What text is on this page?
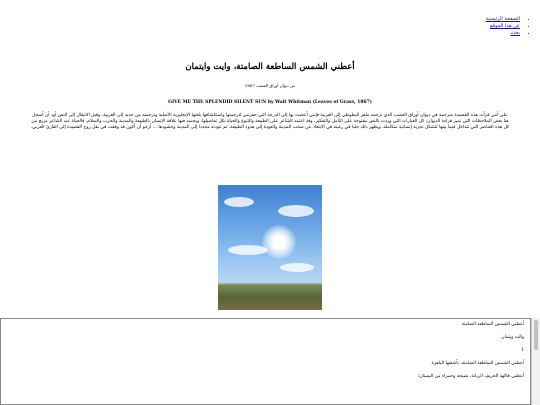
• الصفحة الرئيسية
• عن هذا الموقع
• بحث
أعطني الشمس الساطعة الصامتة، وايت وايتمان

من ديوان أوراق العشب 1867

GIVE ME THE SPLENDID SILENT SUN by Walt Whitman (Leaves of Grass, 1867)

على أنني قرأت هذه القصيدة مترجمة في ديوان أوراق العشب الذي ترجمه ماهر البطوطي إلى العربية فإنني أعجبت بها إلى الدرجة التي حفزتني لترجمتها واستكشافها بلغتها الإنجليزية الأصلية وترجمته من جديد إلى العربية، وقبل الانتقال إلى النص أود أن أسجل هنا بعض الملاحظات التي تميز قراءة الديوان: كل العبارات التي وردت بالنص مفتوحة على التأمل والتفكير، وقد اعتمد الشاعر على الطبيعة والتنوع والحياة بكل تفاصيلها، ويجسد فيها علاقة الإنسان بالطبيعة والمدينة والحرب والسلام، فالحياة عند الشاعر مزيج من كل هذه العناصر التي تتداخل فيما بينها لتشكل تجربة إنسانية متكاملة، ويظهر ذلك جليا في رغبته في الابتعاد عن صخب المدينة والعودة إلى هدوء الطبيعة، ثم عودته مجددا إلى المدينة وحشودها ... أرجو أن أكون قد وفقت في نقل روح القصيدة إلى القارئ العربي.

أعطني الشمس الساطعة الصامتة

والت ويتمان

1

أعطني الشمس الساطعة الصامتة، بأشعتها الباهرة

أعطني فاكهة الخريف الريانة، نضيجة وحمراء من البستان؛
